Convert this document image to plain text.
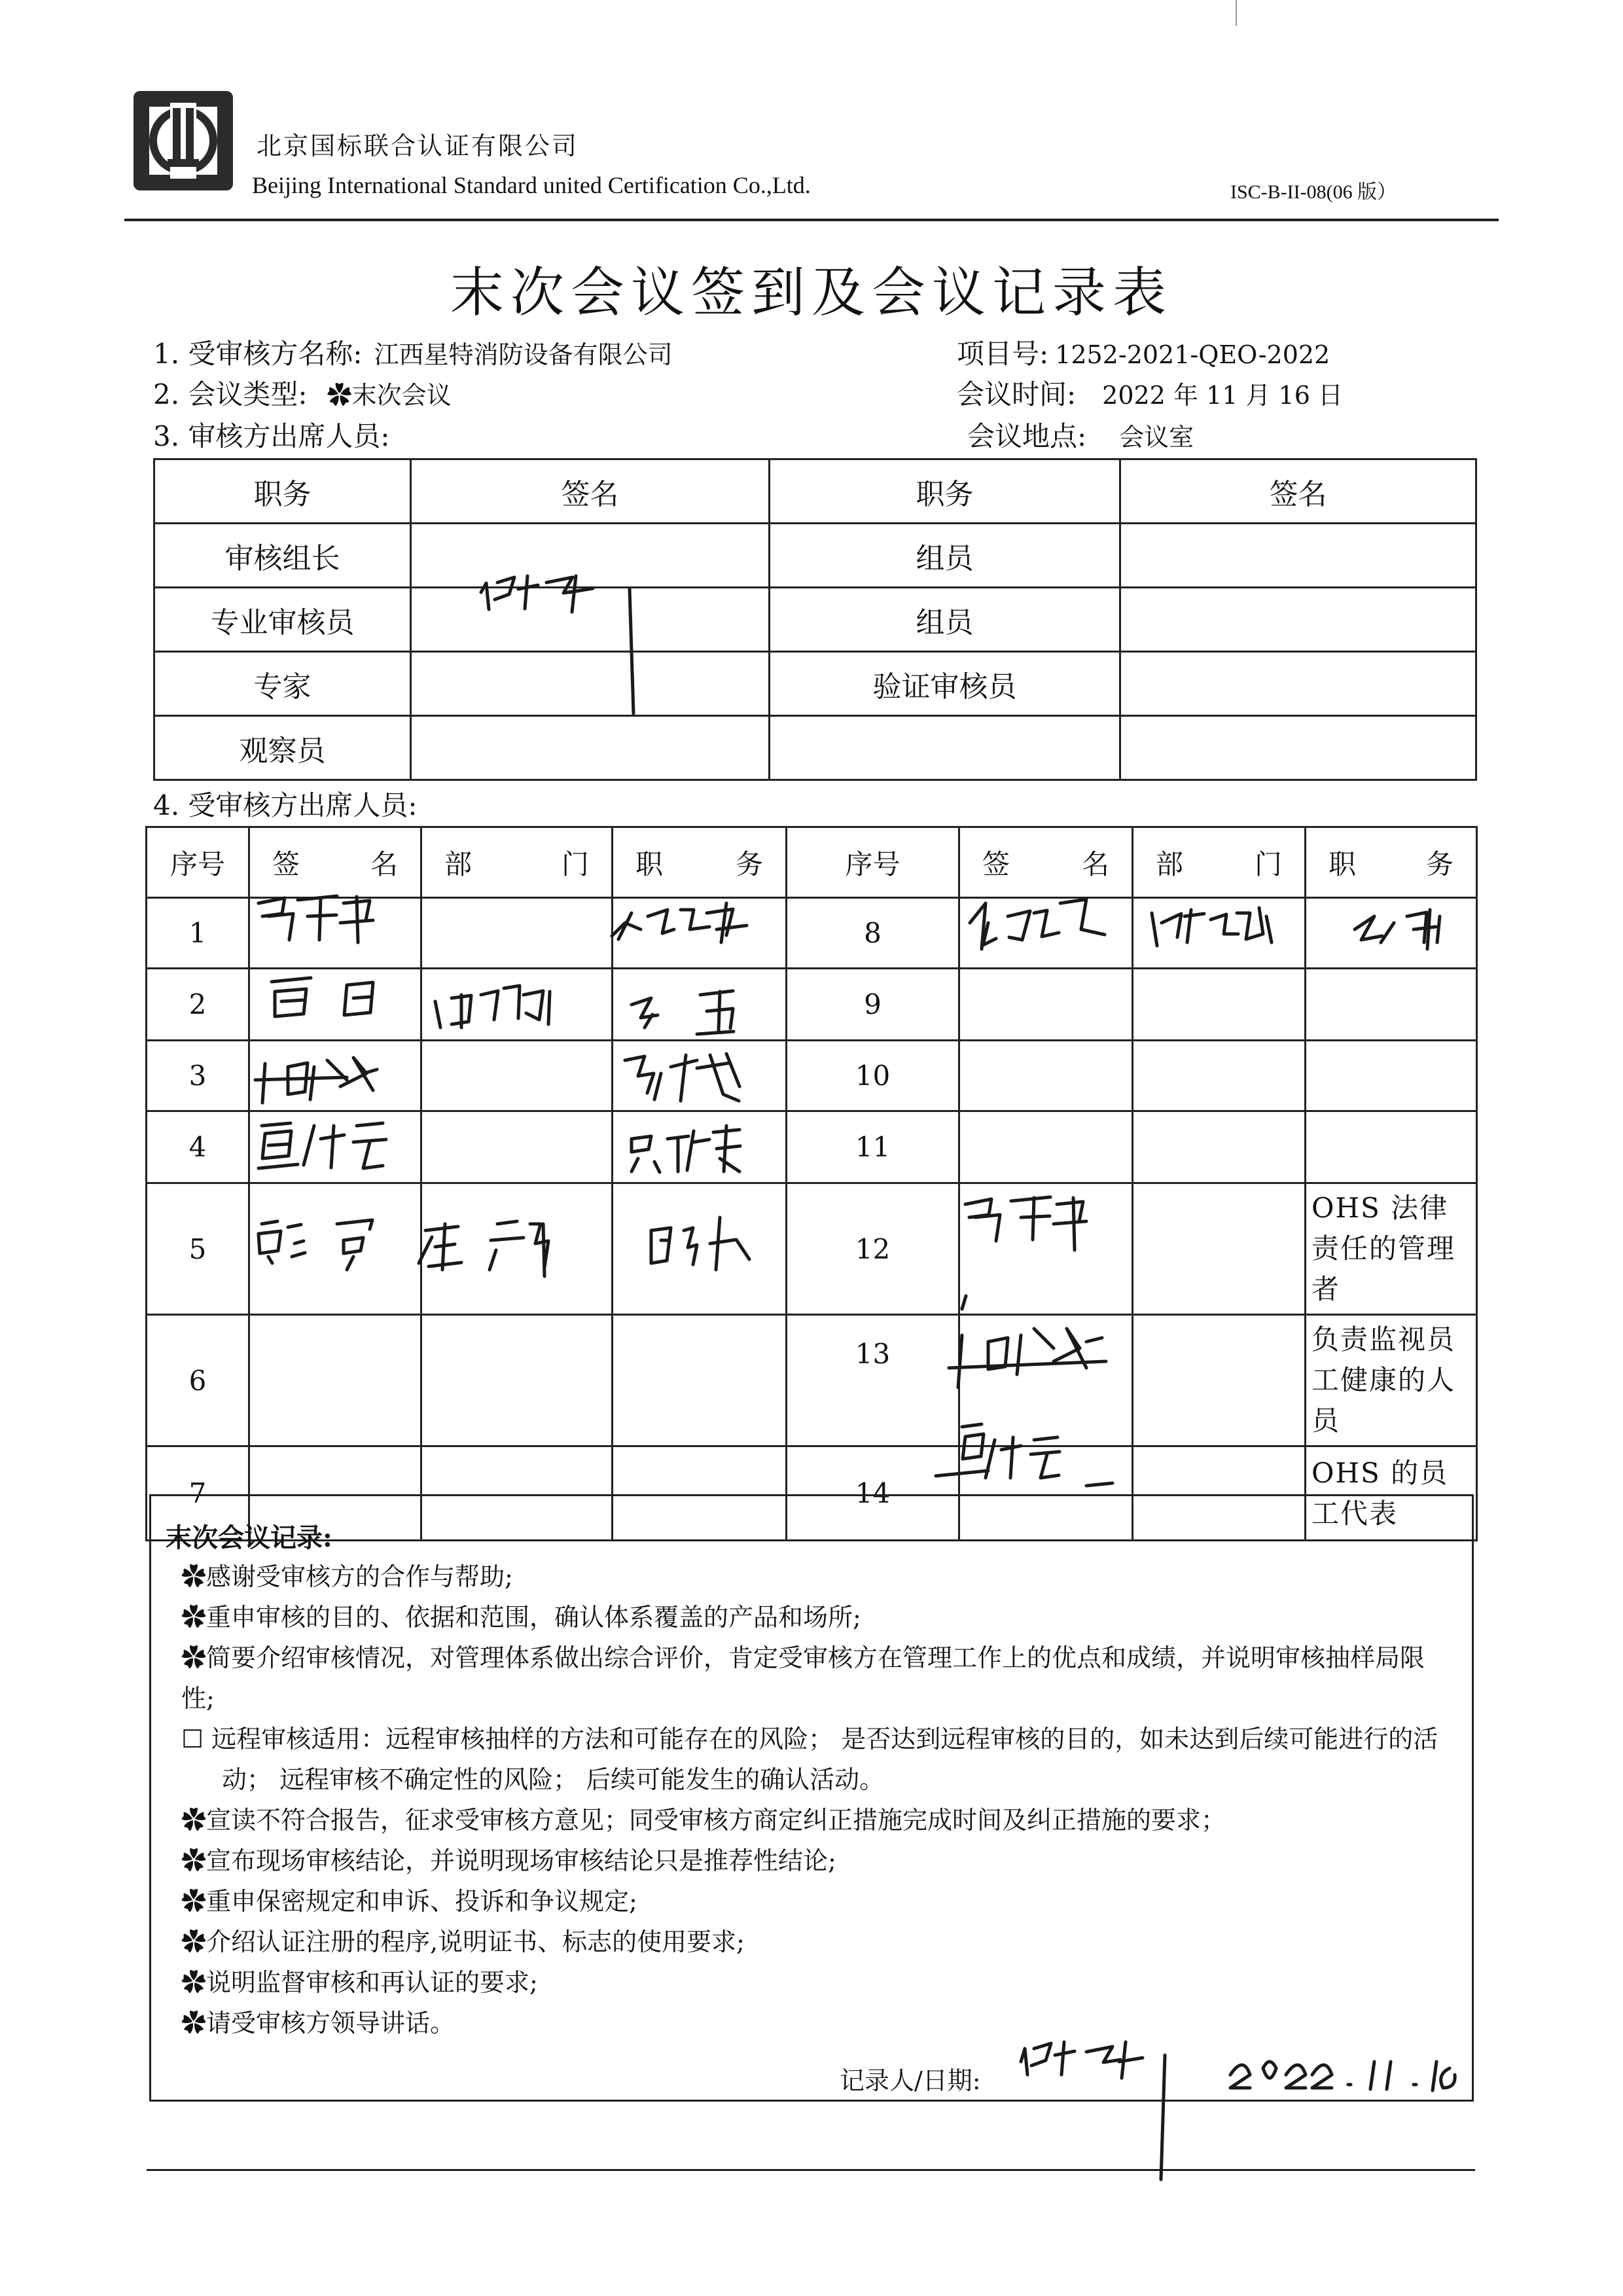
北京国标联合认证有限公司
Beijing International Standard united Certification Co.,Ltd.	ISC-B-II-08(06 版）
末次会议签到及会议记录表
1. 受审核方名称: 江西星特消防设备有限公司	项目号: 1252-2021-QEO-2022
2. 会议类型: ✿末次会议	会议时间: 2022 年 11 月 16 日
3. 审核方出席人员:	会议地点: 会议室
职务	签名	职务	签名
审核组长		组员	
专业审核员		组员	
专家		验证审核员	
观察员			
4. 受审核方出席人员:
序号	签 名	部 门	职 务	序号	签 名	部 门	职 务

1				8			
2				9			
3				10			
4				11			
5				12			OHS 法律责任的管理者
6				13			负责监视员工健康的人员
7				14			OHS 的员工代表
末次会议记录:
✿感谢受审核方的合作与帮助;
✿重申审核的目的、依据和范围，确认体系覆盖的产品和场所;
✿简要介绍审核情况，对管理体系做出综合评价，肯定受审核方在管理工作上的优点和成绩，并说明审核抽样局限性;
☐ 远程审核适用：远程审核抽样的方法和可能存在的风险； 是否达到远程审核的目的，如未达到后续可能进行的活动； 远程审核不确定性的风险； 后续可能发生的确认活动。
✿宣读不符合报告，征求受审核方意见；同受审核方商定纠正措施完成时间及纠正措施的要求；
✿宣布现场审核结论，并说明现场审核结论只是推荐性结论;
✿重申保密规定和申诉、投诉和争议规定;
✿介绍认证注册的程序,说明证书、标志的使用要求;
✿说明监督审核和再认证的要求;
✿请受审核方领导讲话。
记录人/日期:
